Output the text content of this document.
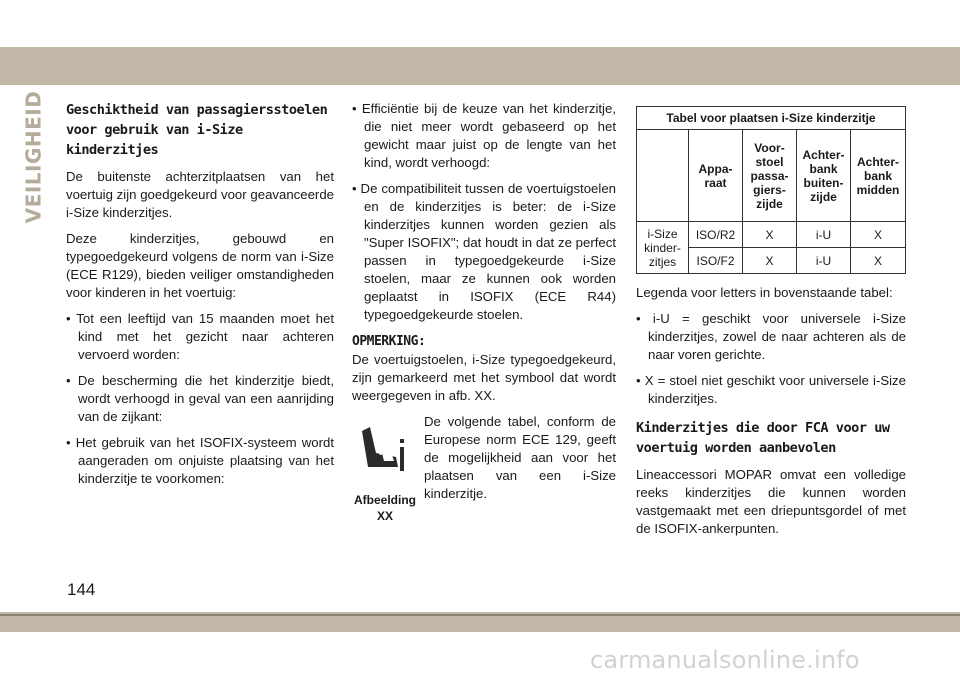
VEILIGHEID Geschiktheid van passagiersstoelen voor gebruik van i-Size kinderzitjes

De buitenste achterzitplaatsen van het voertuig zijn goedgekeurd voor geavanceerde i-Size kinderzitjes.

Deze kinderzitjes, gebouwd en typegoedgekeurd volgens de norm van i-Size (ECE R129), bieden veiliger omstandigheden voor kinderen in het voertuig:

• Tot een leeftijd van 15 maanden moet het kind met het gezicht naar achteren vervoerd worden:

• De bescherming die het kinderzitje biedt, wordt verhoogd in geval van een aanrijding van de zijkant:

• Het gebruik van het ISOFIX-systeem wordt aangeraden om onjuiste plaatsing van het kinderzitje te voorkomen:

• Efficiëntie bij de keuze van het kinderzitje, die niet meer wordt gebaseerd op het gewicht maar juist op de lengte van het kind, wordt verhoogd:

• De compatibiliteit tussen de voertuigstoelen en de kinderzitjes is beter: de i-Size kinderzitjes kunnen worden gezien als "Super ISOFIX"; dat houdt in dat ze perfect passen in typegoedgekeurde i-Size stoelen, maar ze kunnen ook worden geplaatst in ISOFIX (ECE R44) typegoedgekeurde stoelen.

OPMERKING:

De voertuigstoelen, i-Size typegoedgekeurd, zijn gemarkeerd met het symbool dat wordt weergegeven in afb. XX.

Afbeelding XX
De volgende tabel, conform de Europese norm ECE 129, geeft de mogelijkheid aan voor het plaatsen van een i-Size kinderzitje.
Tabel voor plaatsen i-Size kinderzitje				
	Appa-raat	Voor-stoel passa-giers-zijde	Achter-bank buiten-zijde	Achter-bank midden
i-Size kinder-zitjes	ISO/R2	X	i-U	X
	ISO/F2	X	i-U	X

Legenda voor letters in bovenstaande tabel:

• i-U = geschikt voor universele i-Size kinderzitjes, zowel de naar achteren als de naar voren gerichte.

• X = stoel niet geschikt voor universele i-Size kinderzitjes.

Kinderzitjes die door FCA voor uw voertuig worden aanbevolen

Lineaccessori MOPAR omvat een volledige reeks kinderzitjes die kunnen worden vastgemaakt met een driepuntsgordel of met de ISOFIX-ankerpunten.

144
carmanualsonline.info
